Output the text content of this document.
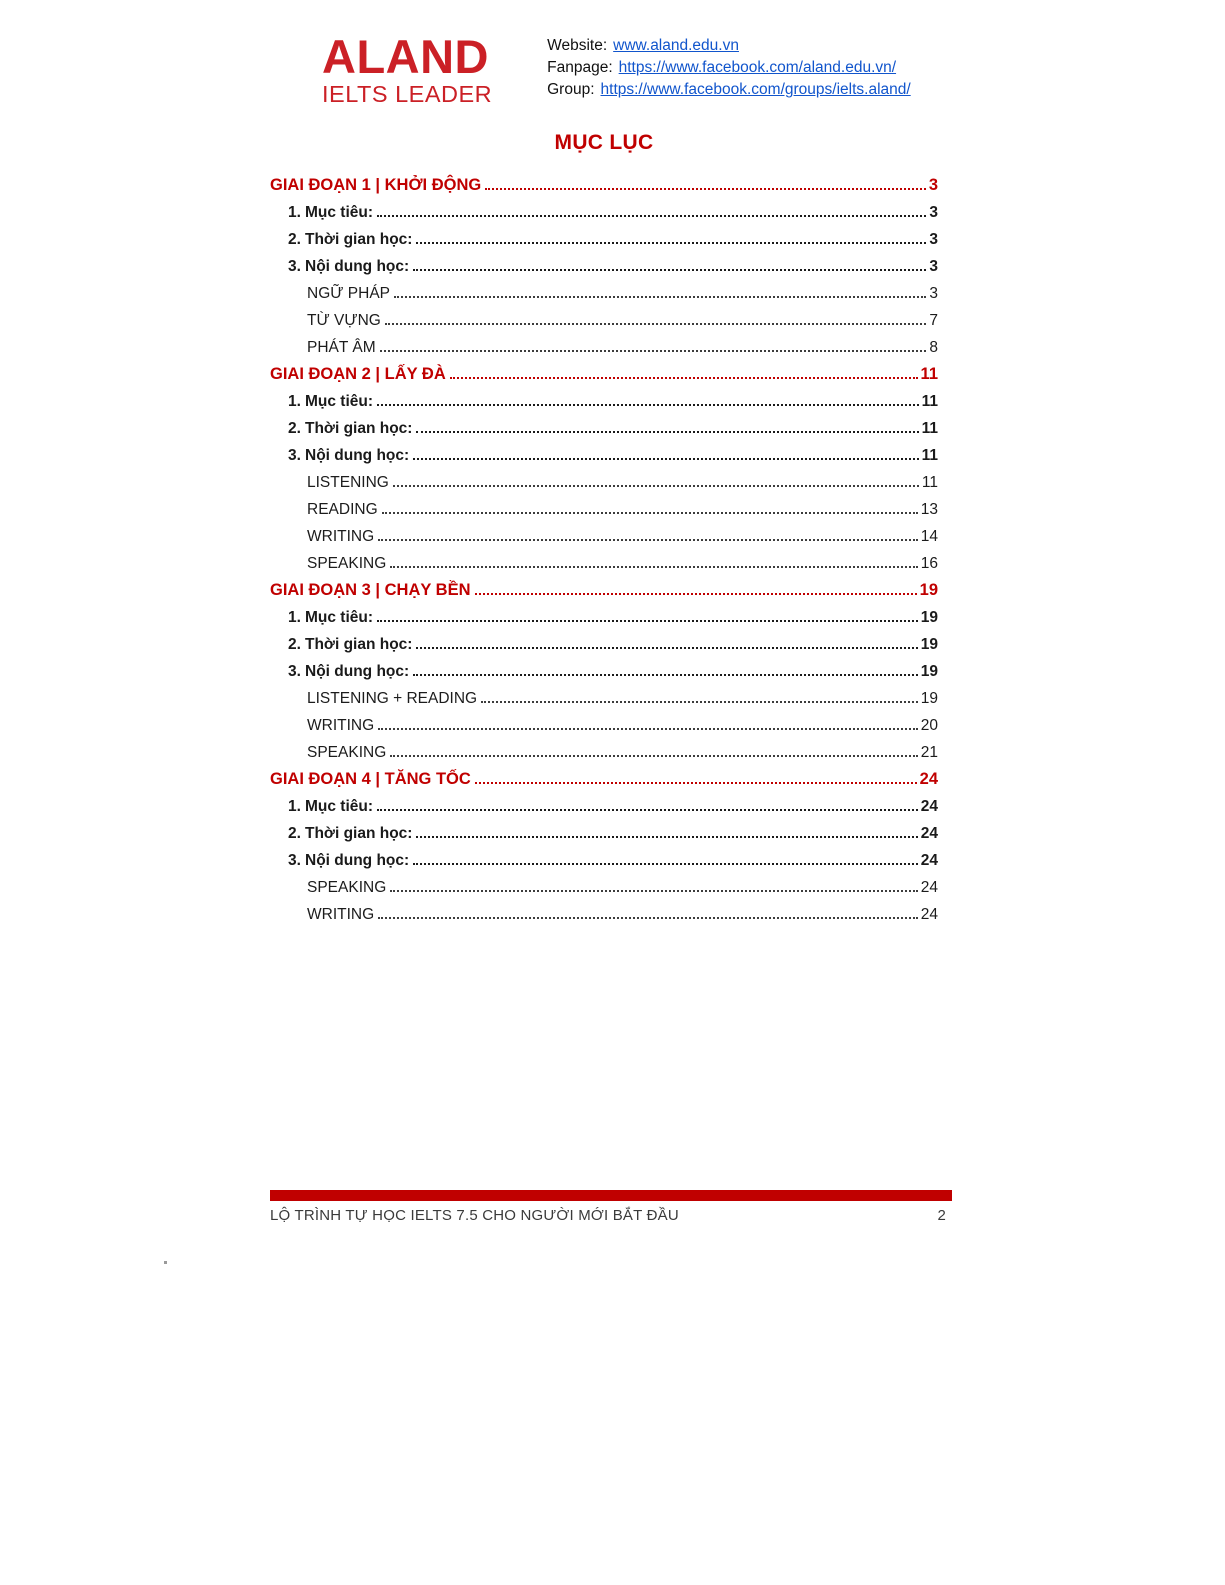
ALAND
IELTS LEADER
Website: www.aland.edu.vn
Fanpage: https://www.facebook.com/aland.edu.vn/
Group: https://www.facebook.com/groups/ielts.aland/
MỤC LỤC
GIAI ĐOẠN 1 | KHỞI ĐỘNG	3
1. Mục tiêu:	3
2. Thời gian học:	3
3. Nội dung học:	3
NGỮ PHÁP	3
TỪ VỰNG	7
PHÁT ÂM	8
GIAI ĐOẠN 2 | LẤY ĐÀ	11
1. Mục tiêu:	11
2. Thời gian học:	11
3. Nội dung học:	11
LISTENING	11
READING	13
WRITING	14
SPEAKING	16
GIAI ĐOẠN 3 | CHẠY BỀN	19
1. Mục tiêu:	19
2. Thời gian học:	19
3. Nội dung học:	19
LISTENING + READING	19
WRITING	20
SPEAKING	21
GIAI ĐOẠN 4 | TĂNG TỐC	24
1. Mục tiêu:	24
2. Thời gian học:	24
3. Nội dung học:	24
SPEAKING	24
WRITING	24
LỘ TRÌNH TỰ HỌC IELTS 7.5 CHO NGƯỜI MỚI BẮT ĐẦU	2
